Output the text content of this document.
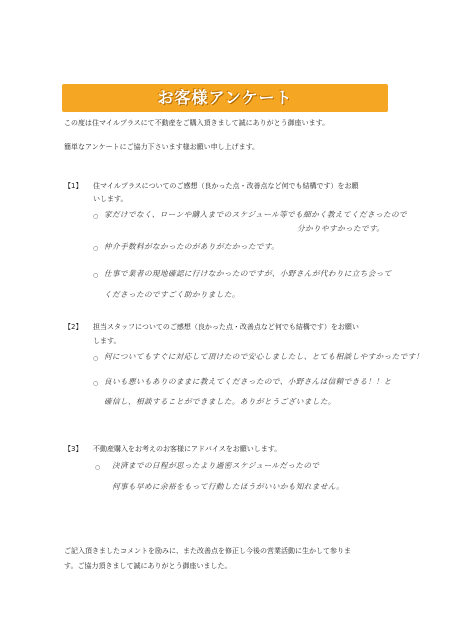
お客様アンケート
この度は住マイルプラスにて不動産をご購入頂きまして誠にありがとう御座います。
簡単なアンケートにご協力下さいます様お願い申し上げます。
【1】 住マイルプラスについてのご感想（良かった点・改善点など何でも結構です）をお願
いします。
○ 家だけでなく、ローンや購入までのスケジュール等でも細かく教えてくださったので
分かりやすかったです。
○ 仲介手数料がなかったのがありがたかったです。
○ 仕事で業者の現地確認に行けなかったのですが、小野さんが代わりに立ち会って
くださったのですごく助かりました。
【2】 担当スタッフについてのご感想（良かった点・改善点など何でも結構です）をお願い
します。
○ 何についてもすぐに対応して頂けたので安心しましたし、とても相談しやすかったです！
○ 良いも悪いもありのままに教えてくださったので、小野さんは信頼できる！！と
確信し、相談することができました。ありがとうございました。
【3】 不動産購入をお考えのお客様にアドバイスをお願いします。
○ 決済までの日程が思ったより過密スケジュールだったので
何事も早めに余裕をもって行動したほうがいいかも知れません。
ご記入頂きましたコメントを励みに、また改善点を修正し今後の営業活動に生かして参りま
す。ご協力頂きまして誠にありがとう御座いました。
